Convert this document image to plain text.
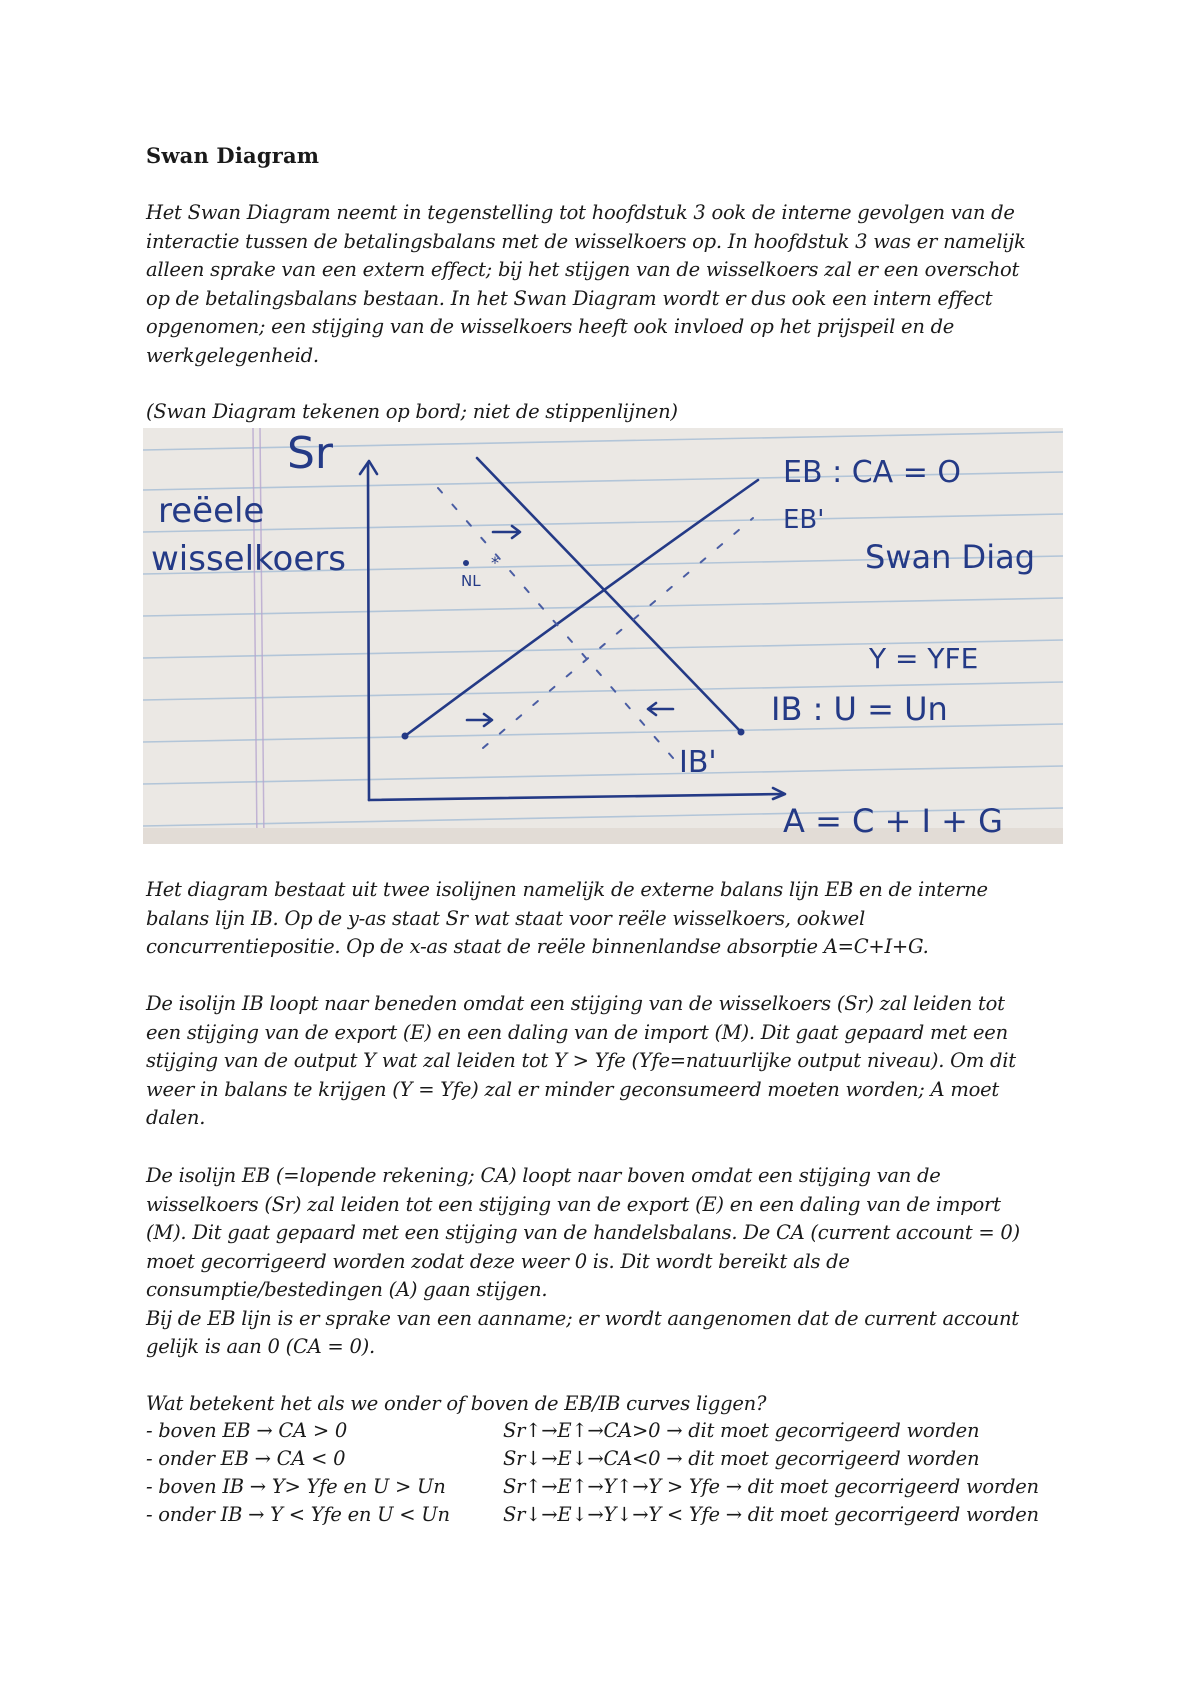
Swan Diagram
Het Swan Diagram neemt in tegenstelling tot hoofdstuk 3 ook de interne gevolgen van de
interactie tussen de betalingsbalans met de wisselkoers op. In hoofdstuk 3 was er namelijk
alleen sprake van een extern effect; bij het stijgen van de wisselkoers zal er een overschot
op de betalingsbalans bestaan. In het Swan Diagram wordt er dus ook een intern effect
opgenomen; een stijging van de wisselkoers heeft ook invloed op het prijspeil en de
werkgelegenheid.
(Swan Diagram tekenen op bord; niet de stippenlijnen)
Sr
reëele
wisselkoers
EB : CA = O
EB'
Swan Diag
Y = YFE
IB : U = Un
IB'
NL
A = C + I + G
*
Het diagram bestaat uit twee isolijnen namelijk de externe balans lijn EB en de interne
balans lijn IB. Op de y-as staat Sr wat staat voor reële wisselkoers, ookwel
concurrentiepositie. Op de x-as staat de reële binnenlandse absorptie A=C+I+G.
De isolijn IB loopt naar beneden omdat een stijging van de wisselkoers (Sr) zal leiden tot
een stijging van de export (E) en een daling van de import (M). Dit gaat gepaard met een
stijging van de output Y wat zal leiden tot Y > Yfe (Yfe=natuurlijke output niveau). Om dit
weer in balans te krijgen (Y = Yfe) zal er minder geconsumeerd moeten worden; A moet
dalen.
De isolijn EB (=lopende rekening; CA) loopt naar boven omdat een stijging van de
wisselkoers (Sr) zal leiden tot een stijging van de export (E) en een daling van de import
(M). Dit gaat gepaard met een stijging van de handelsbalans. De CA (current account = 0)
moet gecorrigeerd worden zodat deze weer 0 is. Dit wordt bereikt als de
consumptie/bestedingen (A) gaan stijgen.
Bij de EB lijn is er sprake van een aanname; er wordt aangenomen dat de current account
gelijk is aan 0 (CA = 0).
Wat betekent het als we onder of boven de EB/IB curves liggen?
- boven EB → CA > 0	Sr↑→E↑→CA>0 → dit moet gecorrigeerd worden
- onder EB → CA < 0	Sr↓→E↓→CA<0 → dit moet gecorrigeerd worden
- boven IB → Y> Yfe en U > Un	Sr↑→E↑→Y↑→Y > Yfe → dit moet gecorrigeerd worden
- onder IB → Y < Yfe en U < Un	Sr↓→E↓→Y↓→Y < Yfe → dit moet gecorrigeerd worden
